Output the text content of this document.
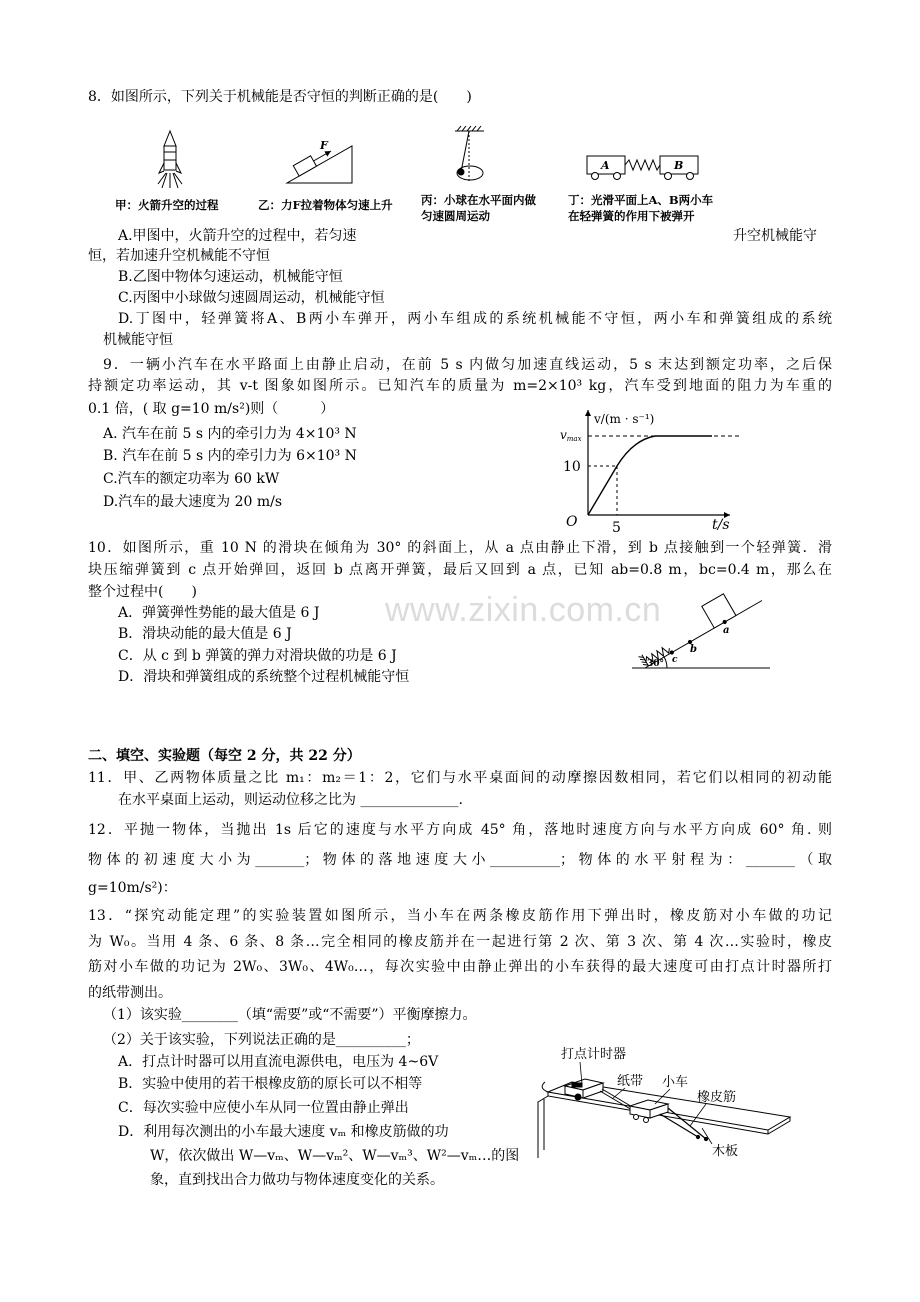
www.zixin.com.cn
F
A	B
v/(m · s⁻¹)
vmax
10
5
O	t/s
a
b
c
30°
打点计时器
纸带 小车
橡皮筋
木板
8．如图所示，下列关于机械能是否守恒的判断正确的是(　　)
甲：火箭升空的过程	乙：力F拉着物体匀速上升 丙：小球在水平面内做
匀速圆周运动
丁：光滑平面上A、B两小车
在轻弹簧的作用下被弹开
A.甲图中，火箭升空的过程中，若匀速	升空机械能守
恒，若加速升空机械能不守恒
B.乙图中物体匀速运动，机械能守恒
C.丙图中小球做匀速圆周运动，机械能守恒
D.丁图中，轻弹簧将A、B两小车弹开，两小车组成的系统机械能不守恒，两小车和弹簧组成的系统
机械能守恒
9．一辆小汽车在水平路面上由静止启动，在前 5 s 内做匀加速直线运动，5 s 末达到额定功率，之后保
持额定功率运动，其 v-t 图象如图所示。已知汽车的质量为 m=2×10³ kg，汽车受到地面的阻力为车重的
0.1 倍，( 取 g=10 m/s²)则（　　　）
A. 汽车在前 5 s 内的牵引力为 4×10³ N
B. 汽车在前 5 s 内的牵引力为 6×10³ N
C.汽车的额定功率为 60 kW
D.汽车的最大速度为 20 m/s
10．如图所示，重 10 N 的滑块在倾角为 30° 的斜面上，从 a 点由静止下滑，到 b 点接触到一个轻弹簧．滑
块压缩弹簧到 c 点开始弹回，返回 b 点离开弹簧，最后又回到 a 点，已知 ab=0.8 m，bc=0.4 m，那么在
整个过程中(　　)
A．弹簧弹性势能的最大值是 6 J
B．滑块动能的最大值是 6 J
C．从 c 到 b 弹簧的弹力对滑块做的功是 6 J
D．滑块和弹簧组成的系统整个过程机械能守恒
二、填空、实验题（每空 2 分，共 22 分）
11．甲、乙两物体质量之比 m₁：m₂＝1：2，它们与水平桌面间的动摩擦因数相同，若它们以相同的初动能
在水平桌面上运动，则运动位移之比为 ______________.
12．平抛一物体，当抛出 1s 后它的速度与水平方向成 45° 角，落地时速度方向与水平方向成 60° 角. 则
物体的初速度大小为_______；物体的落地速度大小__________；物体的水平射程为：_______（取
g=10m/s²)：
13．“探究动能定理”的实验装置如图所示，当小车在两条橡皮筋作用下弹出时，橡皮筋对小车做的功记
为 W₀。当用 4 条、6 条、8 条…完全相同的橡皮筋并在一起进行第 2 次、第 3 次、第 4 次…实验时，橡皮
筋对小车做的功记为 2W₀、3W₀、4W₀…，每次实验中由静止弹出的小车获得的最大速度可由打点计时器所打
的纸带测出。
（1）该实验________（填“需要”或“不需要”）平衡摩擦力。
（2）关于该实验，下列说法正确的是__________；
A．打点计时器可以用直流电源供电，电压为 4~6V
B．实验中使用的若干根橡皮筋的原长可以不相等
C．每次实验中应使小车从同一位置由静止弹出
D．利用每次测出的小车最大速度 vₘ 和橡皮筋做的功
W，依次做出 W—vₘ、W—vₘ²、W—vₘ³、W²—vₘ…的图
象，直到找出合力做功与物体速度变化的关系。
